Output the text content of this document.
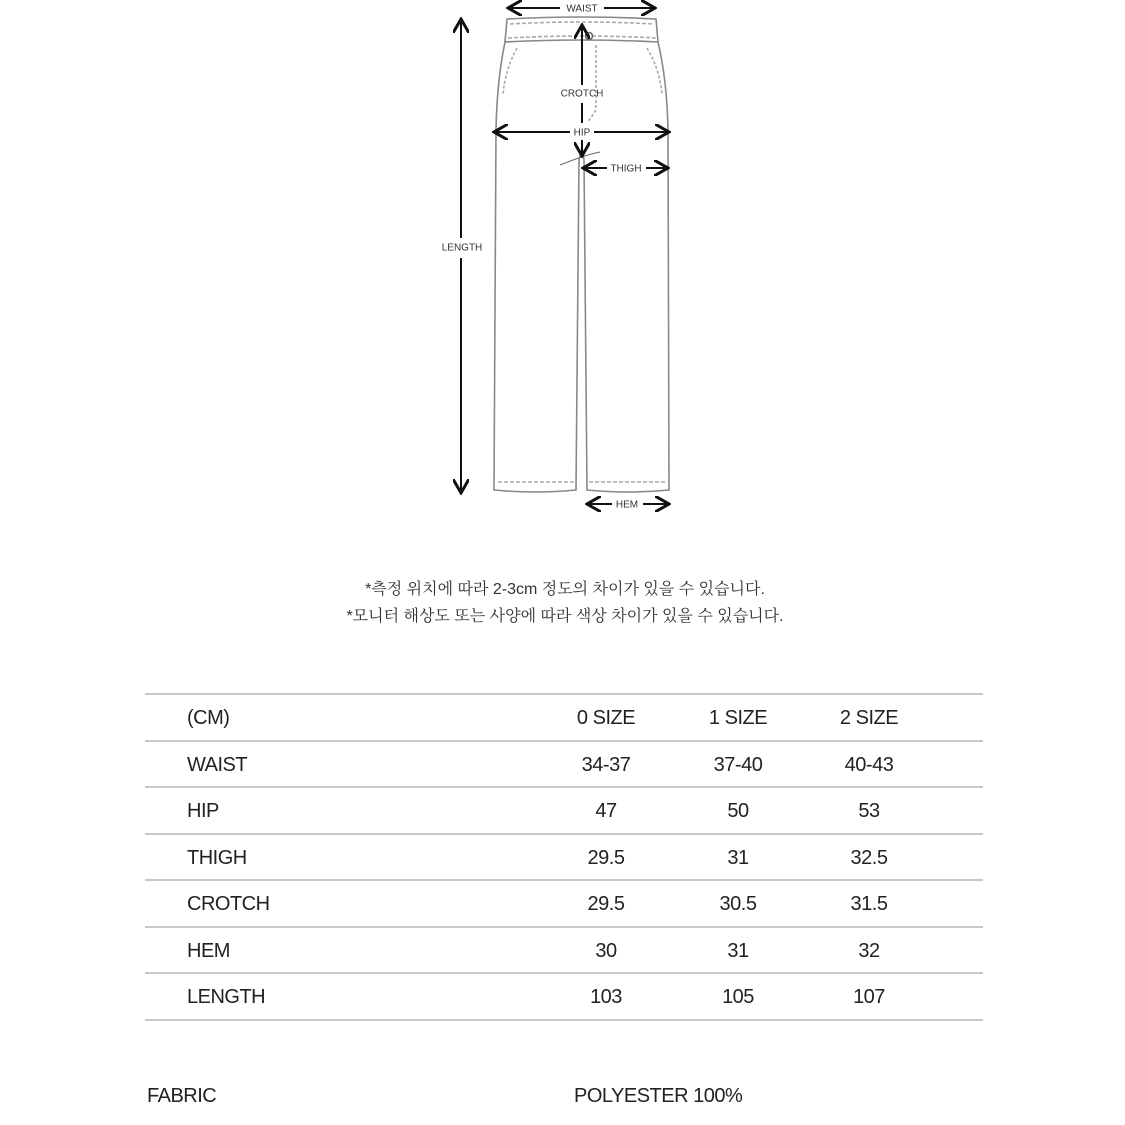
WAIST
CROTCH
HIP
THIGH
LENGTH
HEM
*측정 위치에 따라 2-3cm 정도의 차이가 있을 수 있습니다.
*모니터 해상도 또는 사양에 따라 색상 차이가 있을 수 있습니다.
(CM)	0 SIZE	1 SIZE	2 SIZE
WAIST	34-37	37-40	40-43
HIP	47	50	53
THIGH	29.5	31	32.5
CROTCH	29.5	30.5	31.5
HEM	30	31	32
LENGTH	103	105	107
FABRIC	POLYESTER 100%
